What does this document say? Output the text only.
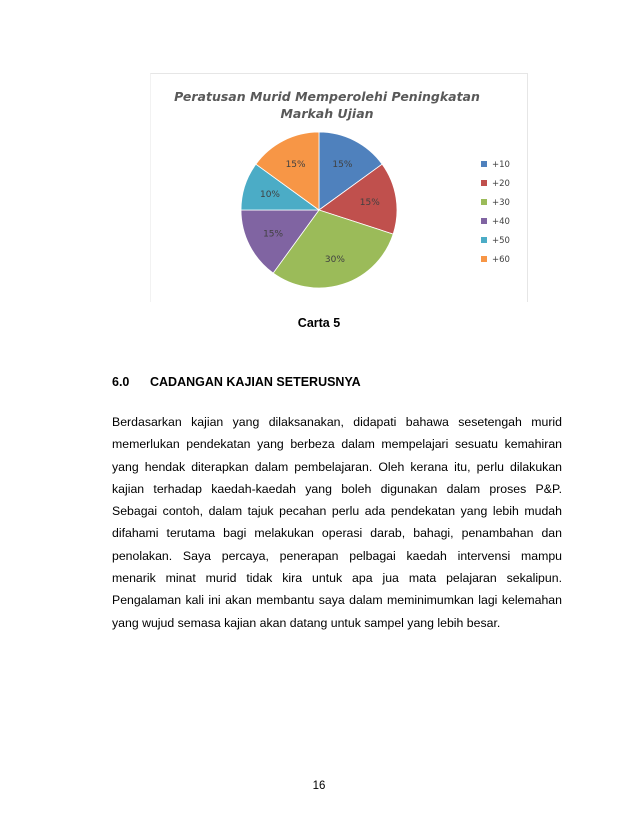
Peratusan Murid Memperolehi Peningkatan
Markah Ujian
15%
15%
30%
15%
10%
15%	+10
+20
+30
+40
+50
+60
Carta 5
6.0 CADANGAN KAJIAN SETERUSNYA
Berdasarkan kajian yang dilaksanakan, didapati bahawa sesetengah murid
memerlukan pendekatan yang berbeza dalam mempelajari sesuatu kemahiran
yang hendak diterapkan dalam pembelajaran. Oleh kerana itu, perlu dilakukan
kajian terhadap kaedah-kaedah yang boleh digunakan dalam proses P&P.
Sebagai contoh, dalam tajuk pecahan perlu ada pendekatan yang lebih mudah
difahami terutama bagi melakukan operasi darab, bahagi, penambahan dan
penolakan. Saya percaya, penerapan pelbagai kaedah intervensi mampu
menarik minat murid tidak kira untuk apa jua mata pelajaran sekalipun.
Pengalaman kali ini akan membantu saya dalam meminimumkan lagi kelemahan
yang wujud semasa kajian akan datang untuk sampel yang lebih besar.
16
